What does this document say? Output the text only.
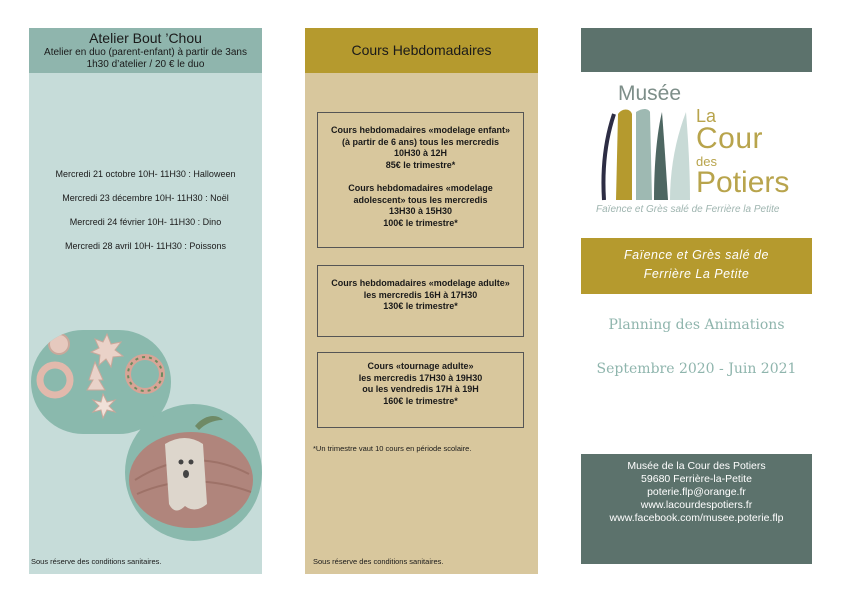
Atelier Bout ’Chou
Atelier en duo (parent-enfant) à partir de 3ans 1h30 d’atelier / 20 € le duo
Mercredi 21 octobre 10H- 11H30 : Halloween
Mercredi 23 décembre 10H- 11H30 : Noël
Mercredi 24 février 10H- 11H30 : Dino
Mercredi 28 avril 10H- 11H30 : Poissons
Sous réserve des conditions sanitaires.
Cours Hebdomadaires

Cours hebdomadaires «modelage enfant»

(à partir de 6 ans) tous les mercredis

10H30 à 12H

85€ le trimestre*

Cours hebdomadaires «modelage

adolescent» tous les mercredis

13H30 à 15H30

100€ le trimestre*

Cours hebdomadaires «modelage adulte»

les mercredis 16H à 17H30

130€ le trimestre*

Cours «tournage adulte»

les mercredis 17H30 à 19H30

ou les vendredis 17H à 19H

160€ le trimestre*

*Un trimestre vaut 10 cours en période scolaire.
Sous réserve des conditions sanitaires.
Musée
La
Cour
des
Potiers
Faïence et Grès salé de Ferrière la Petite
Faïence et Grès salé de
Ferrière La Petite
Planning des Animations
Septembre 2020 - Juin 2021
Musée de la Cour des Potiers
59680 Ferrière-la-Petite
poterie.flp@orange.fr
www.lacourdespotiers.fr
www.facebook.com/musee.poterie.flp
